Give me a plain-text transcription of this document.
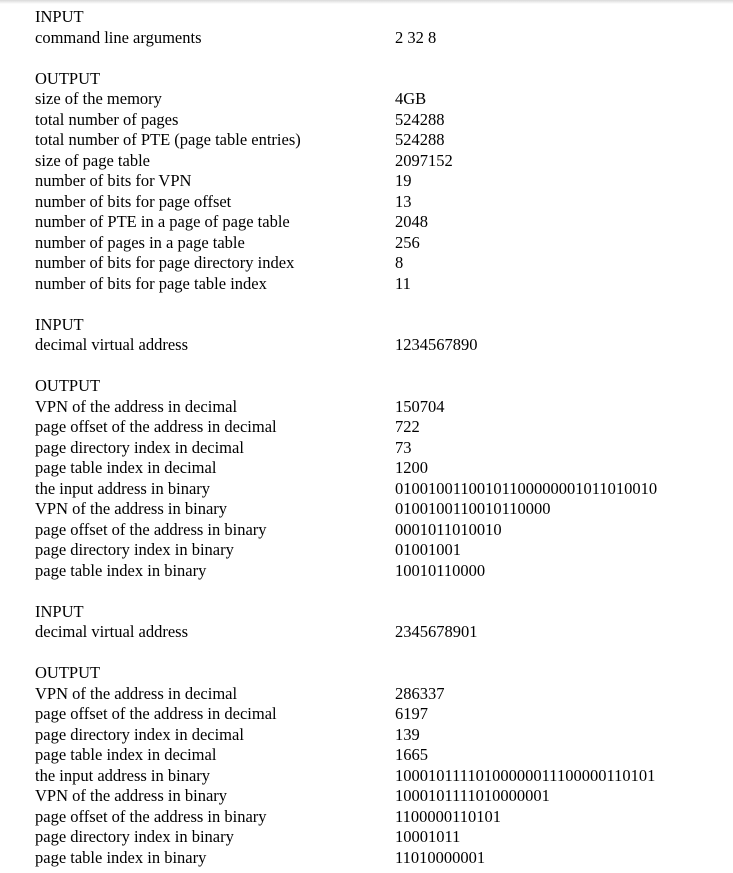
INPUT
command line arguments	2 32 8
OUTPUT
size of the memory	4GB
total number of pages	524288
total number of PTE (page table entries)	524288
size of page table	2097152
number of bits for VPN	19
number of bits for page offset	13
number of PTE in a page of page table	2048
number of pages in a page table	256
number of bits for page directory index	8
number of bits for page table index	11
INPUT
decimal virtual address	1234567890
OUTPUT
VPN of the address in decimal	150704
page offset of the address in decimal	722
page directory index in decimal	73
page table index in decimal	1200
the input address in binary	01001001100101100000001011010010
VPN of the address in binary	0100100110010110000
page offset of the address in binary	0001011010010
page directory index in binary	01001001
page table index in binary	10010110000
INPUT
decimal virtual address	2345678901
OUTPUT
VPN of the address in decimal	286337
page offset of the address in decimal	6197
page directory index in decimal	139
page table index in decimal	1665
the input address in binary	10001011110100000011100000110101
VPN of the address in binary	1000101111010000001
page offset of the address in binary	1100000110101
page directory index in binary	10001011
page table index in binary	11010000001
